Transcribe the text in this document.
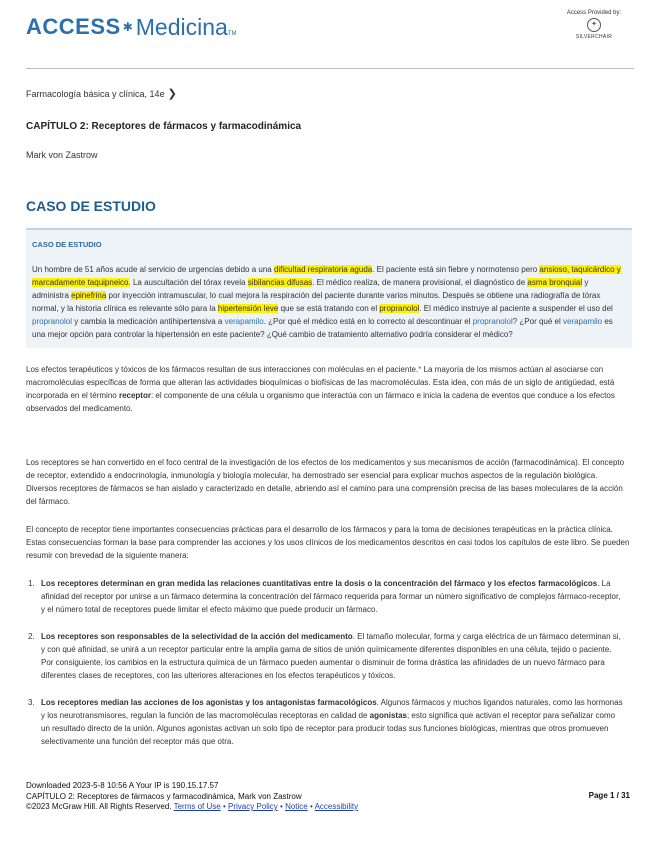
ACCESS ✱ Medicina TM
Access Provided by:
✦
SILVERCHAIR
Farmacología básica y clínica, 14e ❯
CAPÍTULO 2: Receptores de fármacos y farmacodinámica
Mark von Zastrow
CASO DE ESTUDIO
CASO DE ESTUDIO
Un hombre de 51 años acude al servicio de urgencias debido a una dificultad respiratoria aguda. El paciente está sin fiebre y normotenso pero ansioso, taquicárdico y marcadamente taquipneico. La auscultación del tórax revela sibilancias difusas. El médico realiza, de manera provisional, el diagnóstico de asma bronquial y administra epinefrina por inyección intramuscular, lo cual mejora la respiración del paciente durante varios minutos. Después se obtiene una radiografía de tórax normal, y la historia clínica es relevante sólo para la hipertensión leve que se está tratando con el propranolol. El médico instruye al paciente a suspender el uso del propranolol y cambia la medicación antihipertensiva a verapamilo. ¿Por qué el médico está en lo correcto al descontinuar el propranolol? ¿Por qué el verapamilo es una mejor opción para controlar la hipertensión en este paciente? ¿Qué cambio de tratamiento alternativo podría considerar el médico?
Los efectos terapéuticos y tóxicos de los fármacos resultan de sus interacciones con moléculas en el paciente.* La mayoría de los mismos actúan al asociarse con macromoléculas específicas de forma que alteran las actividades bioquímicas o biofísicas de las macromoléculas. Esta idea, con más de un siglo de antigüedad, está incorporada en el término receptor: el componente de una célula u organismo que interactúa con un fármaco e inicia la cadena de eventos que conduce a los efectos observados del medicamento.
Los receptores se han convertido en el foco central de la investigación de los efectos de los medicamentos y sus mecanismos de acción (farmacodinámica). El concepto de receptor, extendido a endocrinología, inmunología y biología molecular, ha demostrado ser esencial para explicar muchos aspectos de la regulación biológica. Diversos receptores de fármacos se han aislado y caracterizado en detalle, abriendo así el camino para una comprensión precisa de las bases moleculares de la acción del fármaco.
El concepto de receptor tiene importantes consecuencias prácticas para el desarrollo de los fármacos y para la toma de decisiones terapéuticas en la práctica clínica. Estas consecuencias forman la base para comprender las acciones y los usos clínicos de los medicamentos descritos en casi todos los capítulos de este libro. Se pueden resumir con brevedad de la siguiente manera:
1. Los receptores determinan en gran medida las relaciones cuantitativas entre la dosis o la concentración del fármaco y los efectos farmacológicos. La afinidad del receptor por unirse a un fármaco determina la concentración del fármaco requerida para formar un número significativo de complejos fármaco-receptor, y el número total de receptores puede limitar el efecto máximo que puede producir un fármaco.
2. Los receptores son responsables de la selectividad de la acción del medicamento. El tamaño molecular, forma y carga eléctrica de un fármaco determinan si, y con qué afinidad, se unirá a un receptor particular entre la amplia gama de sitios de unión químicamente diferentes disponibles en una célula, tejido o paciente. Por consiguiente, los cambios en la estructura química de un fármaco pueden aumentar o disminuir de forma drástica las afinidades de un nuevo fármaco para diferentes clases de receptores, con las ulteriores alteraciones en los efectos terapéuticos y tóxicos.
3. Los receptores median las acciones de los agonistas y los antagonistas farmacológicos. Algunos fármacos y muchos ligandos naturales, como las hormonas y los neurotransmisores, regulan la función de las macromoléculas receptoras en calidad de agonistas; esto significa que activan el receptor para señalizar como un resultado directo de la unión. Algunos agonistas activan un solo tipo de receptor para producir todas sus funciones biológicas, mientras que otros promueven selectivamente una función del receptor más que otra.
Downloaded 2023-5-8 10:56 A Your IP is 190.15.17.57
CAPÍTULO 2: Receptores de fármacos y farmacodinámica, Mark von Zastrow	Page 1 / 31
©2023 McGraw Hill. All Rights Reserved. Terms of Use • Privacy Policy • Notice • Accessibility
